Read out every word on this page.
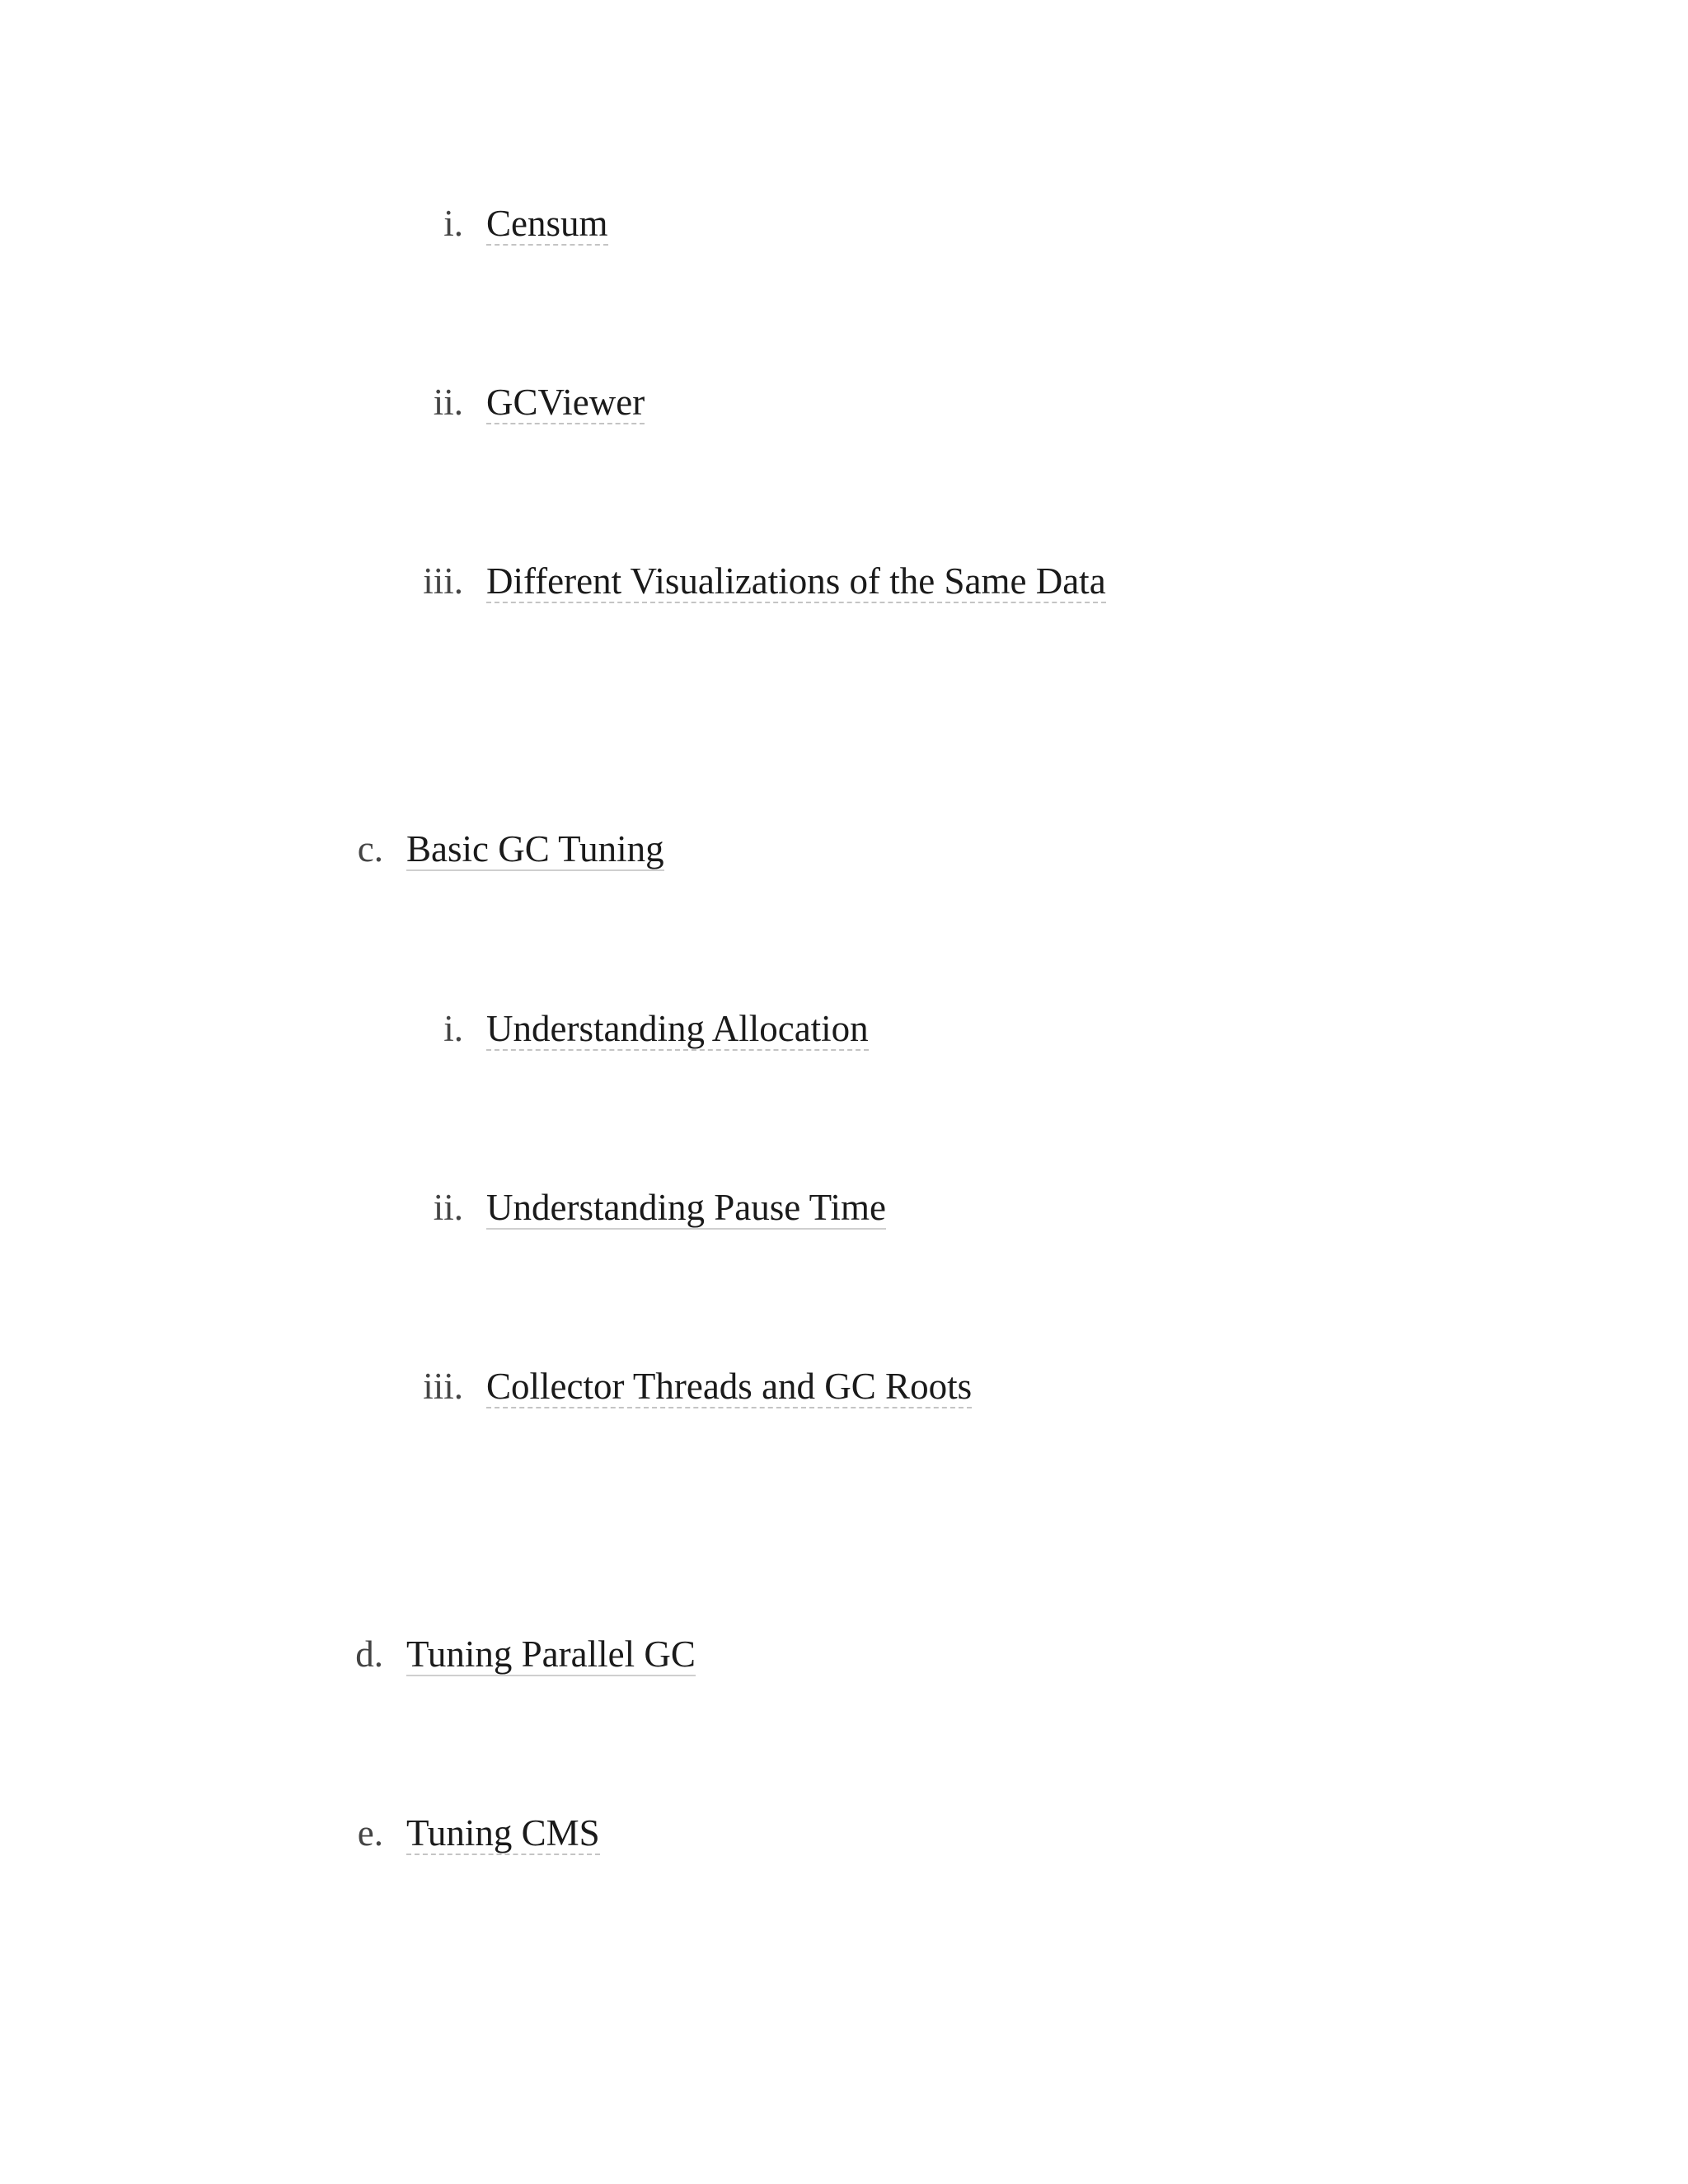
i. Censum
ii. GCViewer
iii. Different Visualizations of the Same Data
c. Basic GC Tuning
i. Understanding Allocation
ii. Understanding Pause Time
iii. Collector Threads and GC Roots
d. Tuning Parallel GC
e. Tuning CMS
